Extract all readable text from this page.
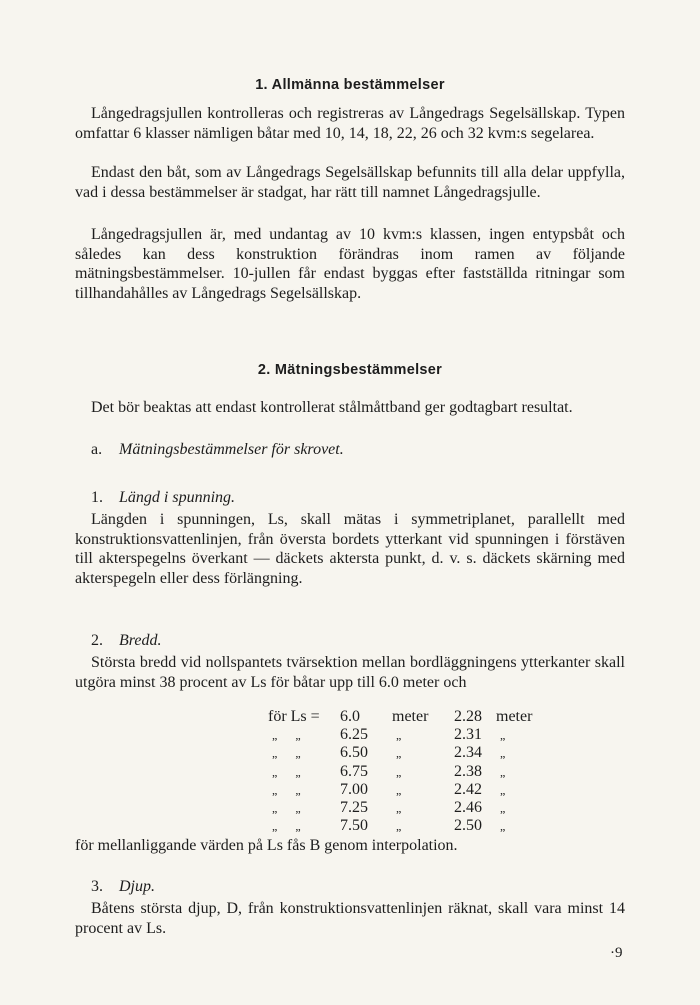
1. Allmänna bestämmelser
Långedragsjullen kontrolleras och registreras av Långedrags Segelsällskap. Typen omfattar 6 klasser nämligen båtar med 10, 14, 18, 22, 26 och 32 kvm:s segelarea.
Endast den båt, som av Långedrags Segelsällskap befunnits till alla delar uppfylla, vad i dessa bestämmelser är stadgat, har rätt till namnet Långedragsjulle.
Långedragsjullen är, med undantag av 10 kvm:s klassen, ingen entypsbåt och således kan dess konstruktion förändras inom ramen av följande mätningsbestämmelser. 10-jullen får endast byggas efter fastställda ritningar som tillhandahålles av Långedrags Segelsällskap.
2. Mätningsbestämmelser
Det bör beaktas att endast kontrollerat stålmåttband ger godtagbart resultat.
a. Mätningsbestämmelser för skrovet.
1. Längd i spunning.
Längden i spunningen, Ls, skall mätas i symmetriplanet, parallellt med konstruktionsvattenlinjen, från översta bordets ytterkant vid spunningen i förstäven till akterspegelns överkant — däckets aktersta punkt, d. v. s. däckets skärning med akterspegeln eller dess förlängning.
2. Bredd.
Största bredd vid nollspantets tvärsektion mellan bordläggningens ytterkanter skall utgöra minst 38 procent av Ls för båtar upp till 6.0 meter och
för Ls =	6.0	meter	2.28	meter
„ „	6.25	„	2.31	„
„ „	6.50	„	2.34	„
„ „	6.75	„	2.38	„
„ „	7.00	„	2.42	„
„ „	7.25	„	2.46	„
„ „	7.50	„	2.50	„
för mellanliggande värden på Ls fås B genom interpolation.
3. Djup.
Båtens största djup, D, från konstruktionsvattenlinjen räknat, skall vara minst 14 procent av Ls.
·9
